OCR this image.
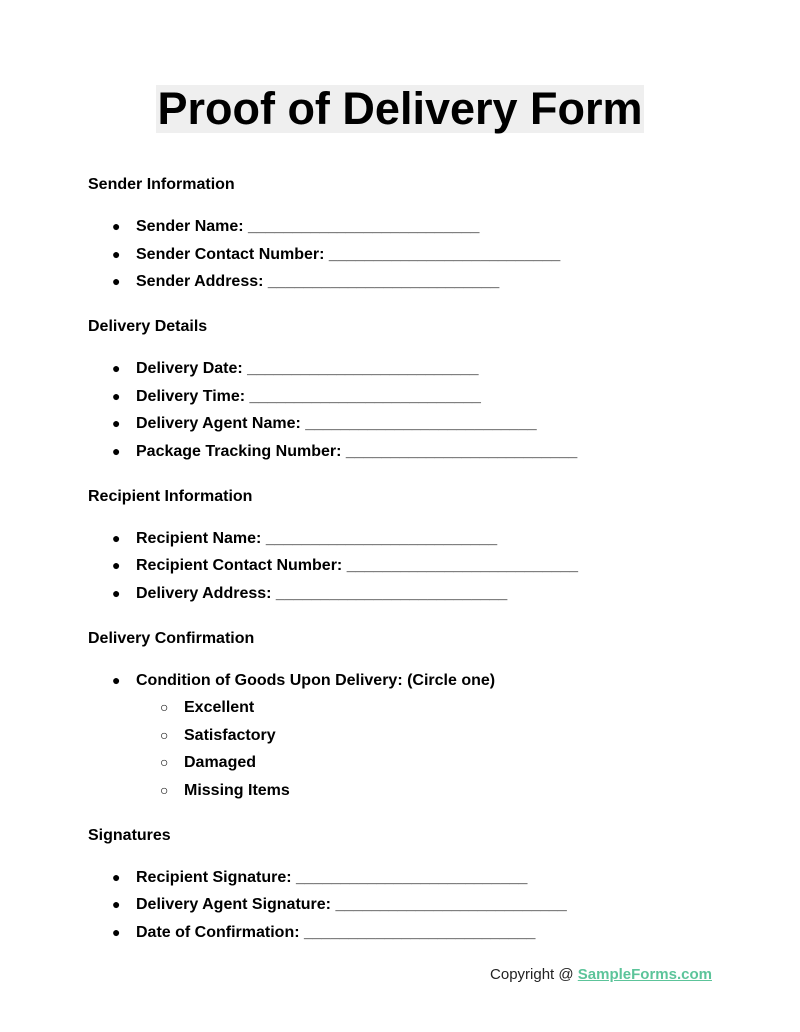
Proof of Delivery Form
Sender Information
● Sender Name: __________________________
● Sender Contact Number: __________________________
● Sender Address: __________________________
Delivery Details
● Delivery Date: __________________________
● Delivery Time: __________________________
● Delivery Agent Name: __________________________
● Package Tracking Number: __________________________
Recipient Information
● Recipient Name: __________________________
● Recipient Contact Number: __________________________
● Delivery Address: __________________________
Delivery Confirmation
● Condition of Goods Upon Delivery: (Circle one)
○ Excellent
○ Satisfactory
○ Damaged
○ Missing Items
Signatures
● Recipient Signature: __________________________
● Delivery Agent Signature: __________________________
● Date of Confirmation: __________________________
Copyright @ SampleForms.com
